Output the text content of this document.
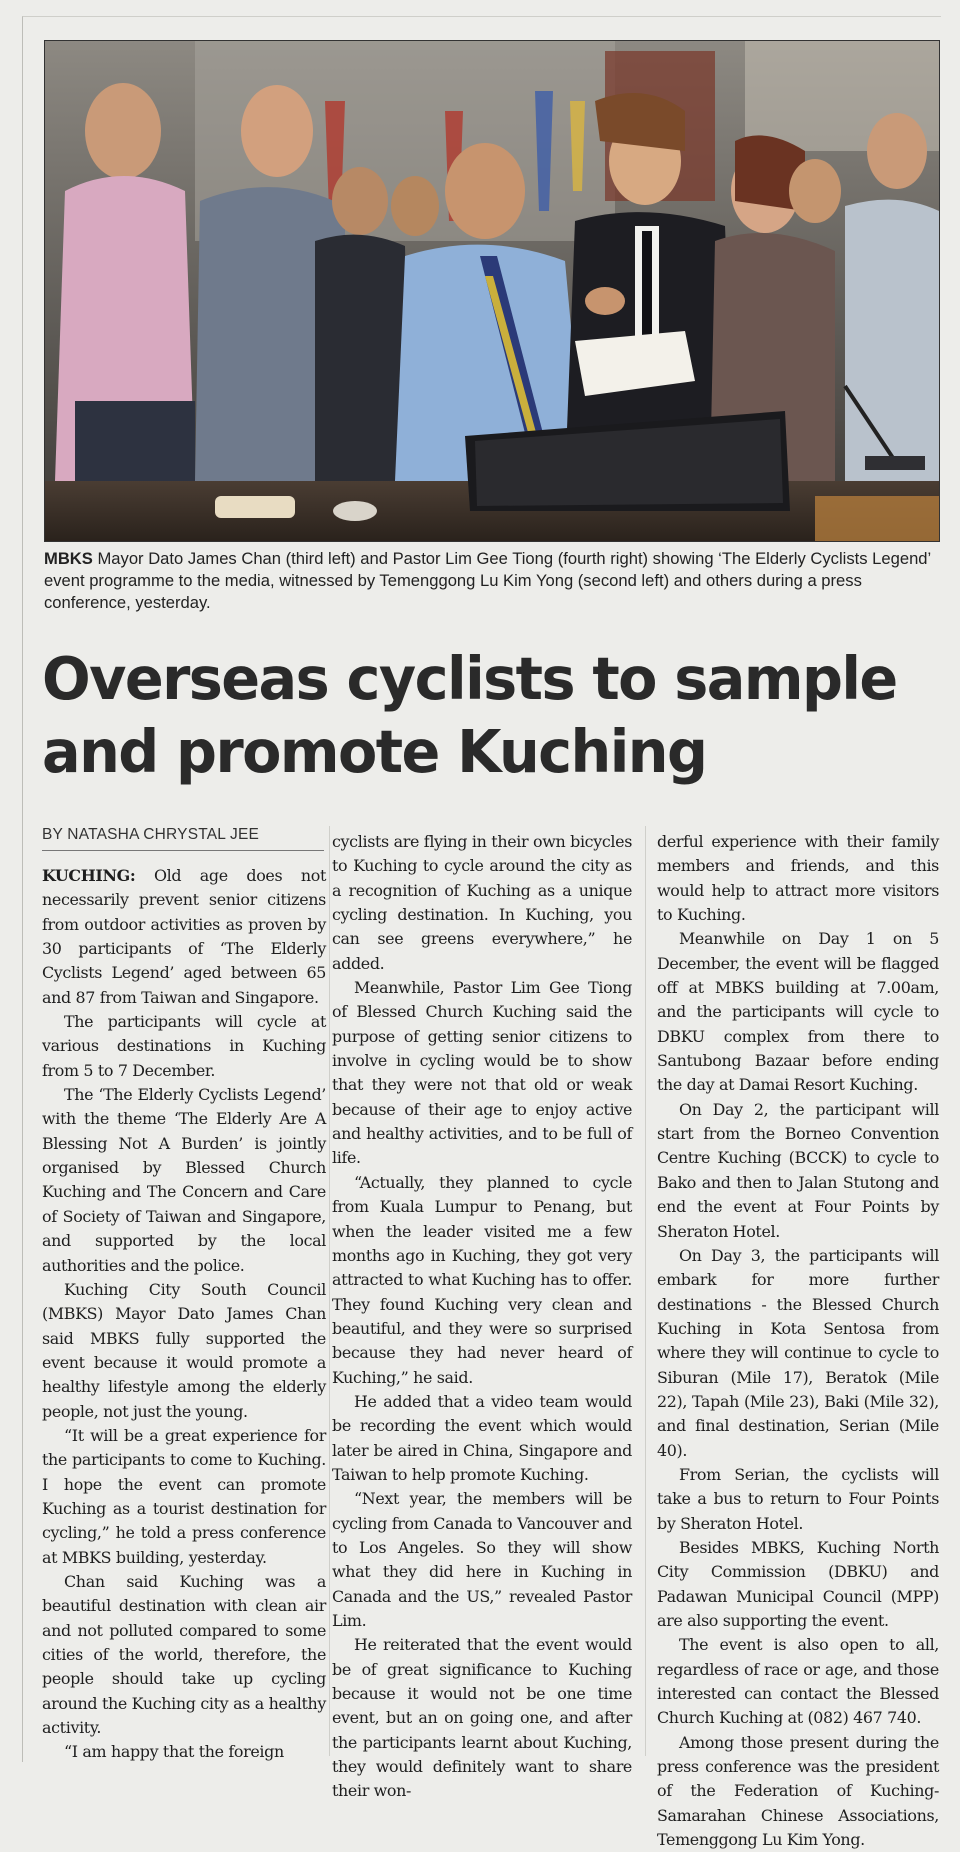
MBKS Mayor Dato James Chan (third left) and Pastor Lim Gee Tiong (fourth right) showing ‘The Elderly Cyclists Legend’ event programme to the media, witnessed by Temenggong Lu Kim Yong (second left) and others during a press conference, yesterday.
Overseas cyclists to sample
and promote Kuching
BY NATASHA CHRYSTAL JEE

KUCHING: Old age does not necessarily prevent senior citizens from outdoor activities as proven by 30 participants of ‘The Elderly Cyclists Legend’ aged between 65 and 87 from Taiwan and Singapore.

The participants will cycle at various destinations in Kuching from 5 to 7 December.

The ‘The Elderly Cyclists Legend’ with the theme ‘The Elderly Are A Blessing Not A Burden’ is jointly organised by Blessed Church Kuching and The Concern and Care of Society of Taiwan and Singapore, and supported by the local authorities and the police.

Kuching City South Council (MBKS) Mayor Dato James Chan said MBKS fully supported the event because it would promote a healthy lifestyle among the elderly people, not just the young.

“It will be a great experience for the participants to come to Kuching. I hope the event can promote Kuching as a tourist destination for cycling,” he told a press conference at MBKS building, yesterday.

Chan said Kuching was a beautiful destination with clean air and not polluted compared to some cities of the world, therefore, the people should take up cycling around the Kuching city as a healthy activity.

“I am happy that the foreign

cyclists are flying in their own bicycles to Kuching to cycle around the city as a recognition of Kuching as a unique cycling destination. In Kuching, you can see greens everywhere,” he added.

Meanwhile, Pastor Lim Gee Tiong of Blessed Church Kuching said the purpose of getting senior citizens to involve in cycling would be to show that they were not that old or weak because of their age to enjoy active and healthy activities, and to be full of life.

“Actually, they planned to cycle from Kuala Lumpur to Penang, but when the leader visited me a few months ago in Kuching, they got very attracted to what Kuching has to offer. They found Kuching very clean and beautiful, and they were so surprised because they had never heard of Kuching,” he said.

He added that a video team would be recording the event which would later be aired in China, Singapore and Taiwan to help promote Kuching.

“Next year, the members will be cycling from Canada to Vancouver and to Los Angeles. So they will show what they did here in Kuching in Canada and the US,” revealed Pastor Lim.

He reiterated that the event would be of great significance to Kuching because it would not be one time event, but an on going one, and after the participants learnt about Kuching, they would definitely want to share their won-

derful experience with their family members and friends, and this would help to attract more visitors to Kuching.

Meanwhile on Day 1 on 5 December, the event will be flagged off at MBKS building at 7.00am, and the participants will cycle to DBKU complex from there to Santubong Bazaar before ending the day at Damai Resort Kuching.

On Day 2, the participant will start from the Borneo Convention Centre Kuching (BCCK) to cycle to Bako and then to Jalan Stutong and end the event at Four Points by Sheraton Hotel.

On Day 3, the participants will embark for more further destinations - the Blessed Church Kuching in Kota Sentosa from where they will continue to cycle to Siburan (Mile 17), Beratok (Mile 22), Tapah (Mile 23), Baki (Mile 32), and final destination, Serian (Mile 40).

From Serian, the cyclists will take a bus to return to Four Points by Sheraton Hotel.

Besides MBKS, Kuching North City Commission (DBKU) and Padawan Municipal Council (MPP) are also supporting the event.

The event is also open to all, regardless of race or age, and those interested can contact the Blessed Church Kuching at (082) 467 740.

Among those present during the press conference was the president of the Federation of Kuching-Samarahan Chinese Associations, Temenggong Lu Kim Yong.
